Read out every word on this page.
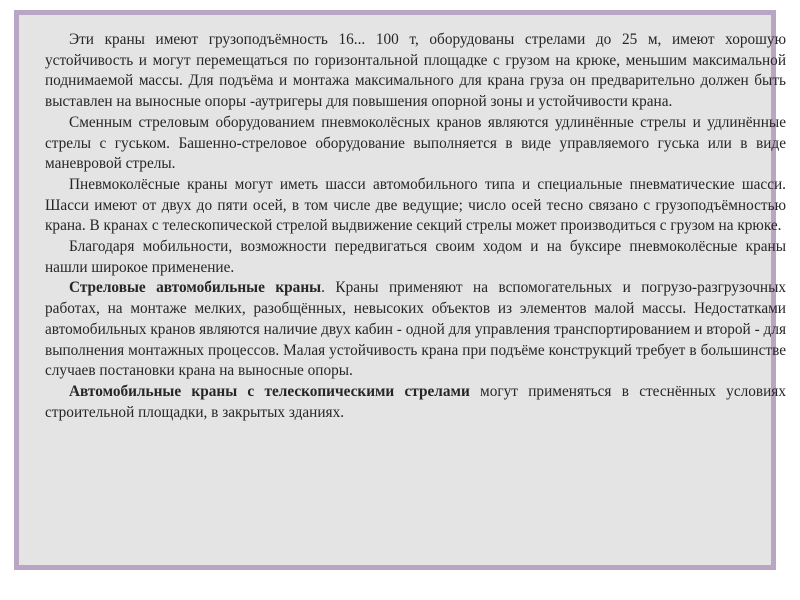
Эти краны имеют грузоподъёмность 16... 100 т, оборудованы стрелами до 25 м, имеют хорошую устойчивость и могут перемещаться по горизонтальной площадке с грузом на крюке, меньшим максимальной поднимаемой массы. Для подъёма и монтажа максимального для крана груза он предварительно должен быть выставлен на выносные опоры -аутригеры для повышения опорной зоны и устойчивости крана.

Сменным стреловым оборудованием пневмоколёсных кранов являются удлинённые стрелы и удлинённые стрелы с гуськом. Башенно-стреловое оборудование выполняется в виде управляемого гуська или в виде маневровой стрелы.

Пневмоколёсные краны могут иметь шасси автомобильного типа и специальные пневматические шасси. Шасси имеют от двух до пяти осей, в том числе две ведущие; число осей тесно связано с грузоподъёмностью крана. В кранах с телескопической стрелой выдвижение секций стрелы может производиться с грузом на крюке.

Благодаря мобильности, возможности передвигаться своим ходом и на буксире пневмоколёсные краны нашли широкое применение.

Стреловые автомобильные краны. Краны применяют на вспомогательных и погрузо-разгрузочных работах, на монтаже мелких, разобщённых, невысоких объектов из элементов малой массы. Недостатками автомобильных кранов являются наличие двух кабин - одной для управления транспортированием и второй - для выполнения монтажных процессов. Малая устойчивость крана при подъёме конструкций требует в большинстве случаев постановки крана на выносные опоры.

Автомобильные краны с телескопическими стрелами могут применяться в стеснённых условиях строительной площадки, в закрытых зданиях.
